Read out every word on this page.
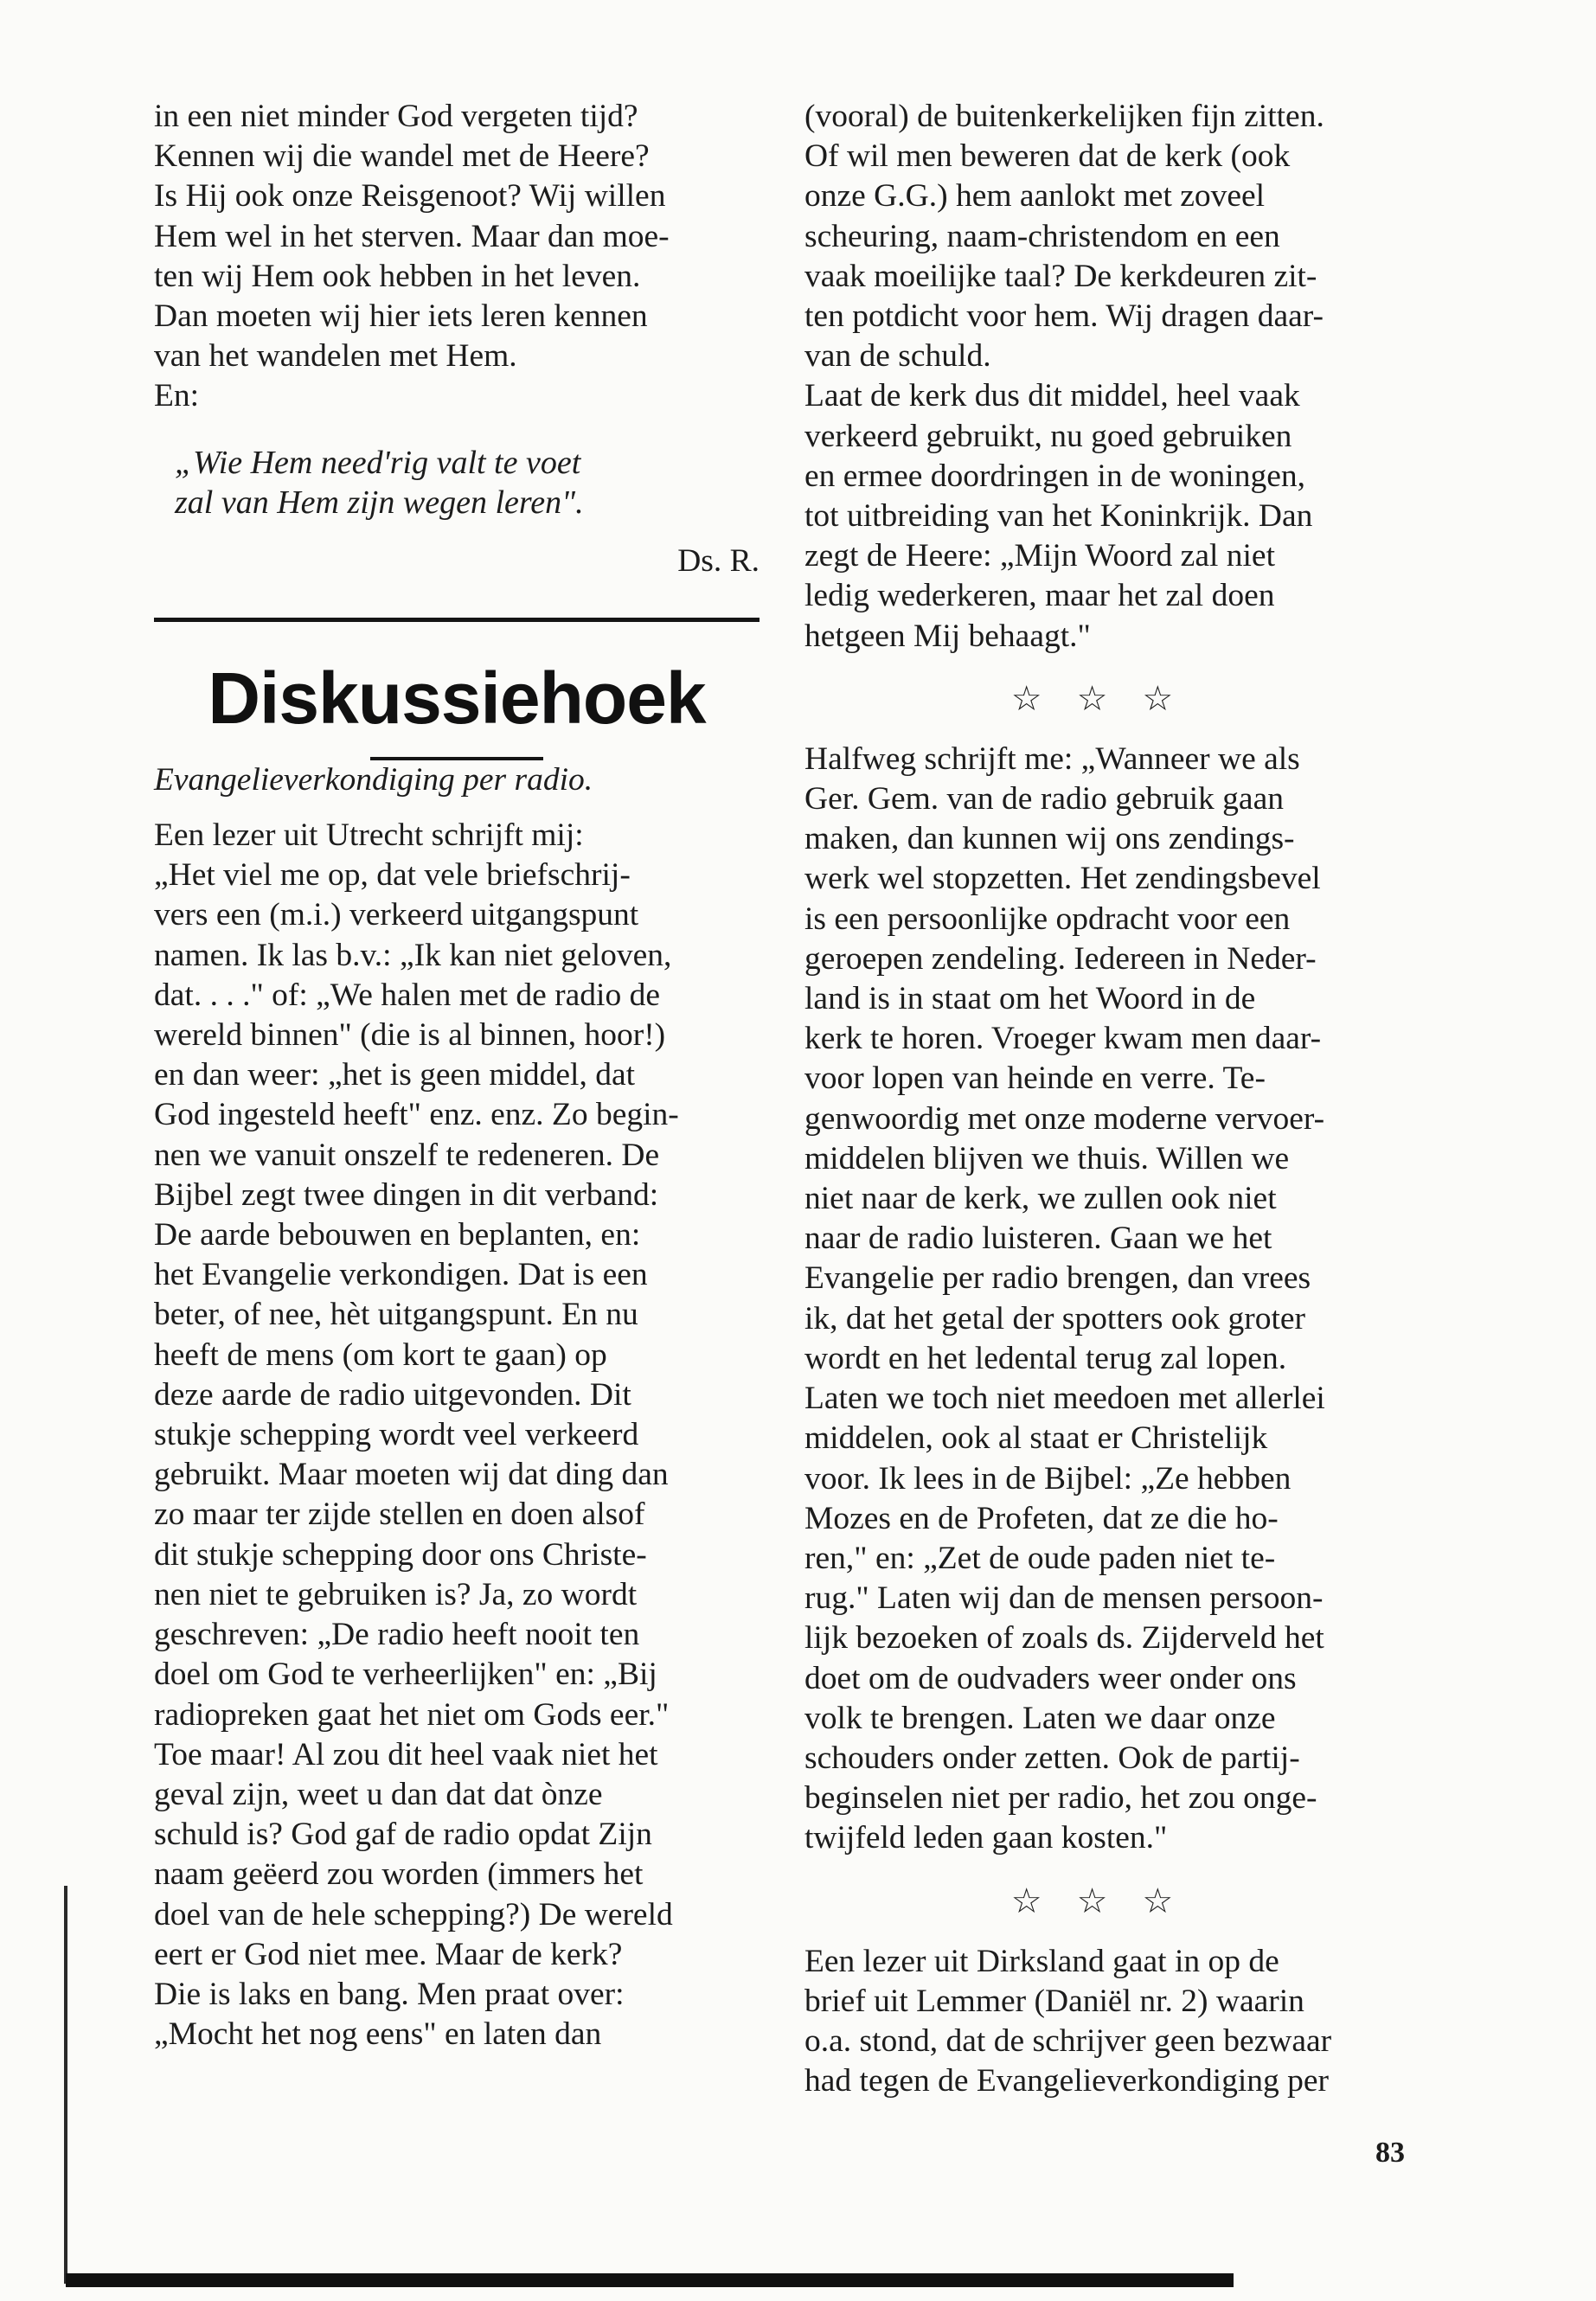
in een niet minder God vergeten tijd?

Kennen wij die wandel met de Heere?

Is Hij ook onze Reisgenoot? Wij willen

Hem wel in het sterven. Maar dan moe-

ten wij Hem ook hebben in het leven.

Dan moeten wij hier iets leren kennen

van het wandelen met Hem.

En:

„Wie Hem need'rig valt te voet
zal van Hem zijn wegen leren".
Ds. R.
Diskussiehoek

Evangelieverkondiging per radio.

Een lezer uit Utrecht schrijft mij:

„Het viel me op, dat vele briefschrij-

vers een (m.i.) verkeerd uitgangspunt

namen. Ik las b.v.: „Ik kan niet geloven,

dat. . . ." of: „We halen met de radio de

wereld binnen" (die is al binnen, hoor!)

en dan weer: „het is geen middel, dat

God ingesteld heeft" enz. enz. Zo begin-

nen we vanuit onszelf te redeneren. De

Bijbel zegt twee dingen in dit verband:

De aarde bebouwen en beplanten, en:

het Evangelie verkondigen. Dat is een

beter, of nee, hèt uitgangspunt. En nu

heeft de mens (om kort te gaan) op

deze aarde de radio uitgevonden. Dit

stukje schepping wordt veel verkeerd

gebruikt. Maar moeten wij dat ding dan

zo maar ter zijde stellen en doen alsof

dit stukje schepping door ons Christe-

nen niet te gebruiken is? Ja, zo wordt

geschreven: „De radio heeft nooit ten

doel om God te verheerlijken" en: „Bij

radiopreken gaat het niet om Gods eer."

Toe maar! Al zou dit heel vaak niet het

geval zijn, weet u dan dat dat ònze

schuld is? God gaf de radio opdat Zijn

naam geëerd zou worden (immers het

doel van de hele schepping?) De wereld

eert er God niet mee. Maar de kerk?

Die is laks en bang. Men praat over:

„Mocht het nog eens" en laten dan

(vooral) de buitenkerkelijken fijn zitten.

Of wil men beweren dat de kerk (ook

onze G.G.) hem aanlokt met zoveel

scheuring, naam-christendom en een

vaak moeilijke taal? De kerkdeuren zit-

ten potdicht voor hem. Wij dragen daar-

van de schuld.

Laat de kerk dus dit middel, heel vaak

verkeerd gebruikt, nu goed gebruiken

en ermee doordringen in de woningen,

tot uitbreiding van het Koninkrijk. Dan

zegt de Heere: „Mijn Woord zal niet

ledig wederkeren, maar het zal doen

hetgeen Mij behaagt."

☆☆☆

Halfweg schrijft me: „Wanneer we als

Ger. Gem. van de radio gebruik gaan

maken, dan kunnen wij ons zendings-

werk wel stopzetten. Het zendingsbevel

is een persoonlijke opdracht voor een

geroepen zendeling. Iedereen in Neder-

land is in staat om het Woord in de

kerk te horen. Vroeger kwam men daar-

voor lopen van heinde en verre. Te-

genwoordig met onze moderne vervoer-

middelen blijven we thuis. Willen we

niet naar de kerk, we zullen ook niet

naar de radio luisteren. Gaan we het

Evangelie per radio brengen, dan vrees

ik, dat het getal der spotters ook groter

wordt en het ledental terug zal lopen.

Laten we toch niet meedoen met allerlei

middelen, ook al staat er Christelijk

voor. Ik lees in de Bijbel: „Ze hebben

Mozes en de Profeten, dat ze die ho-

ren," en: „Zet de oude paden niet te-

rug." Laten wij dan de mensen persoon-

lijk bezoeken of zoals ds. Zijderveld het

doet om de oudvaders weer onder ons

volk te brengen. Laten we daar onze

schouders onder zetten. Ook de partij-

beginselen niet per radio, het zou onge-

twijfeld leden gaan kosten."

☆☆☆

Een lezer uit Dirksland gaat in op de

brief uit Lemmer (Daniël nr. 2) waarin

o.a. stond, dat de schrijver geen bezwaar

had tegen de Evangelieverkondiging per

83
